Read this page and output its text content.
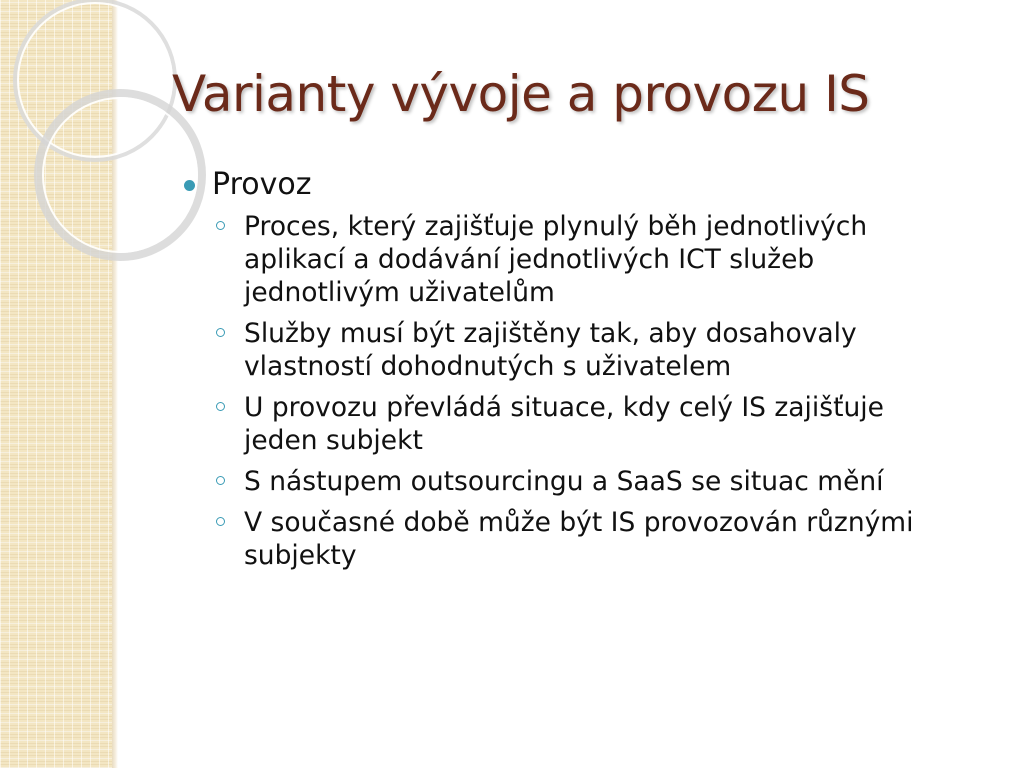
Varianty vývoje a provozu IS
Provoz
Proces, který zajišťuje plynulý běh jednotlivých aplikací a dodávání jednotlivých ICT služeb jednotlivým uživatelům
Služby musí být zajištěny tak, aby dosahovaly vlastností dohodnutých s uživatelem
U provozu převládá situace, kdy celý IS zajišťuje jeden subjekt
S nástupem outsourcingu a SaaS se situac mění
V současné době může být IS provozován různými subjekty
